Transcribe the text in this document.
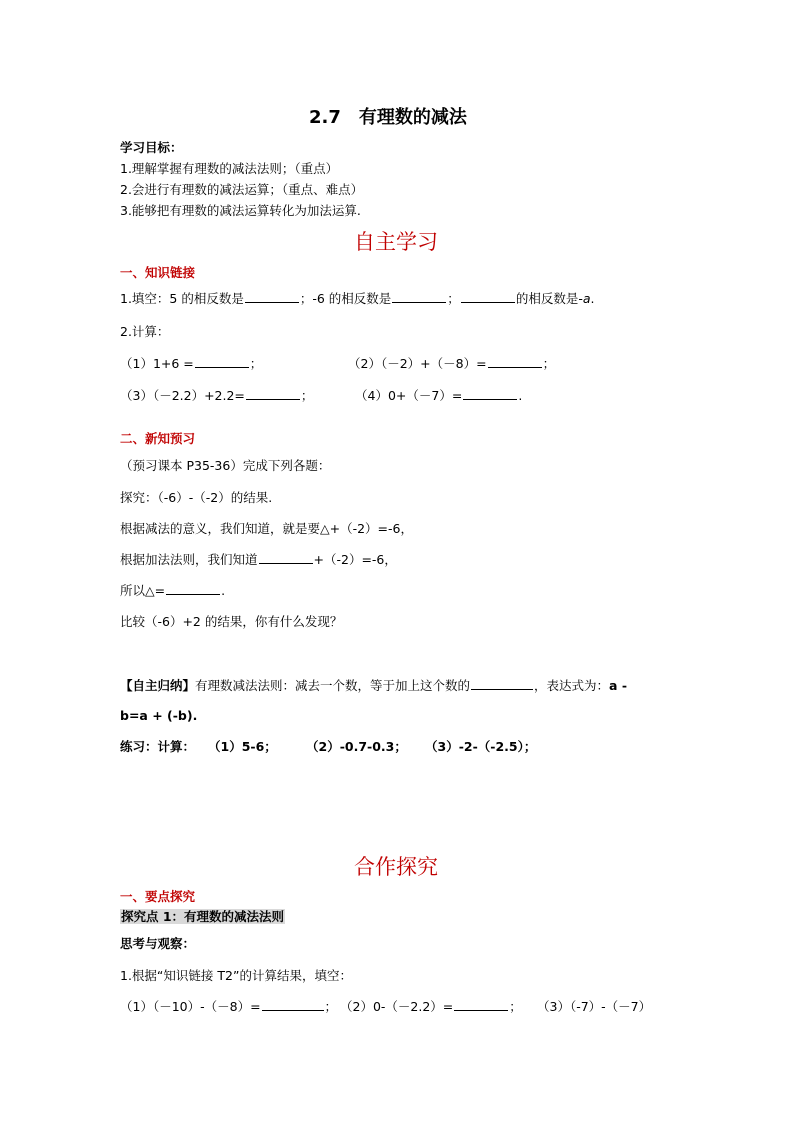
2.7　有理数的减法
学习目标：
1.理解掌握有理数的减法法则；（重点）
2.会进行有理数的减法运算；（重点、难点）
3.能够把有理数的减法运算转化为加法运算.
自主学习
一、知识链接
1.填空：5 的相反数是	；-6 的相反数是	；	的相反数是-a.
2.计算：
（1）1+6 =	；	（2）（－2）+（－8）=	；
（3）（－2.2）+2.2=	；	（4）0+（－7）=	.
二、新知预习
（预习课本 P35-36）完成下列各题：
探究：（-6）-（-2）的结果.
根据减法的意义，我们知道，就是要△+（-2）=-6，
根据加法法则，我们知道	+（-2）=-6，
所以△=	.
比较（-6）+2 的结果，你有什么发现？
【自主归纳】有理数减法法则：减去一个数，等于加上这个数的	，表达式为：a -
b=a + (-b).
练习：计算： （1）5-6； （2）-0.7-0.3； （3）-2-（-2.5）；
合作探究
一、要点探究
探究点 1：有理数的减法法则
思考与观察：
1.根据“知识链接 T2”的计算结果，填空：
（1）（－10）-（－8）=	； （2）0-（－2.2）=	； （3）（-7）-（－7）
